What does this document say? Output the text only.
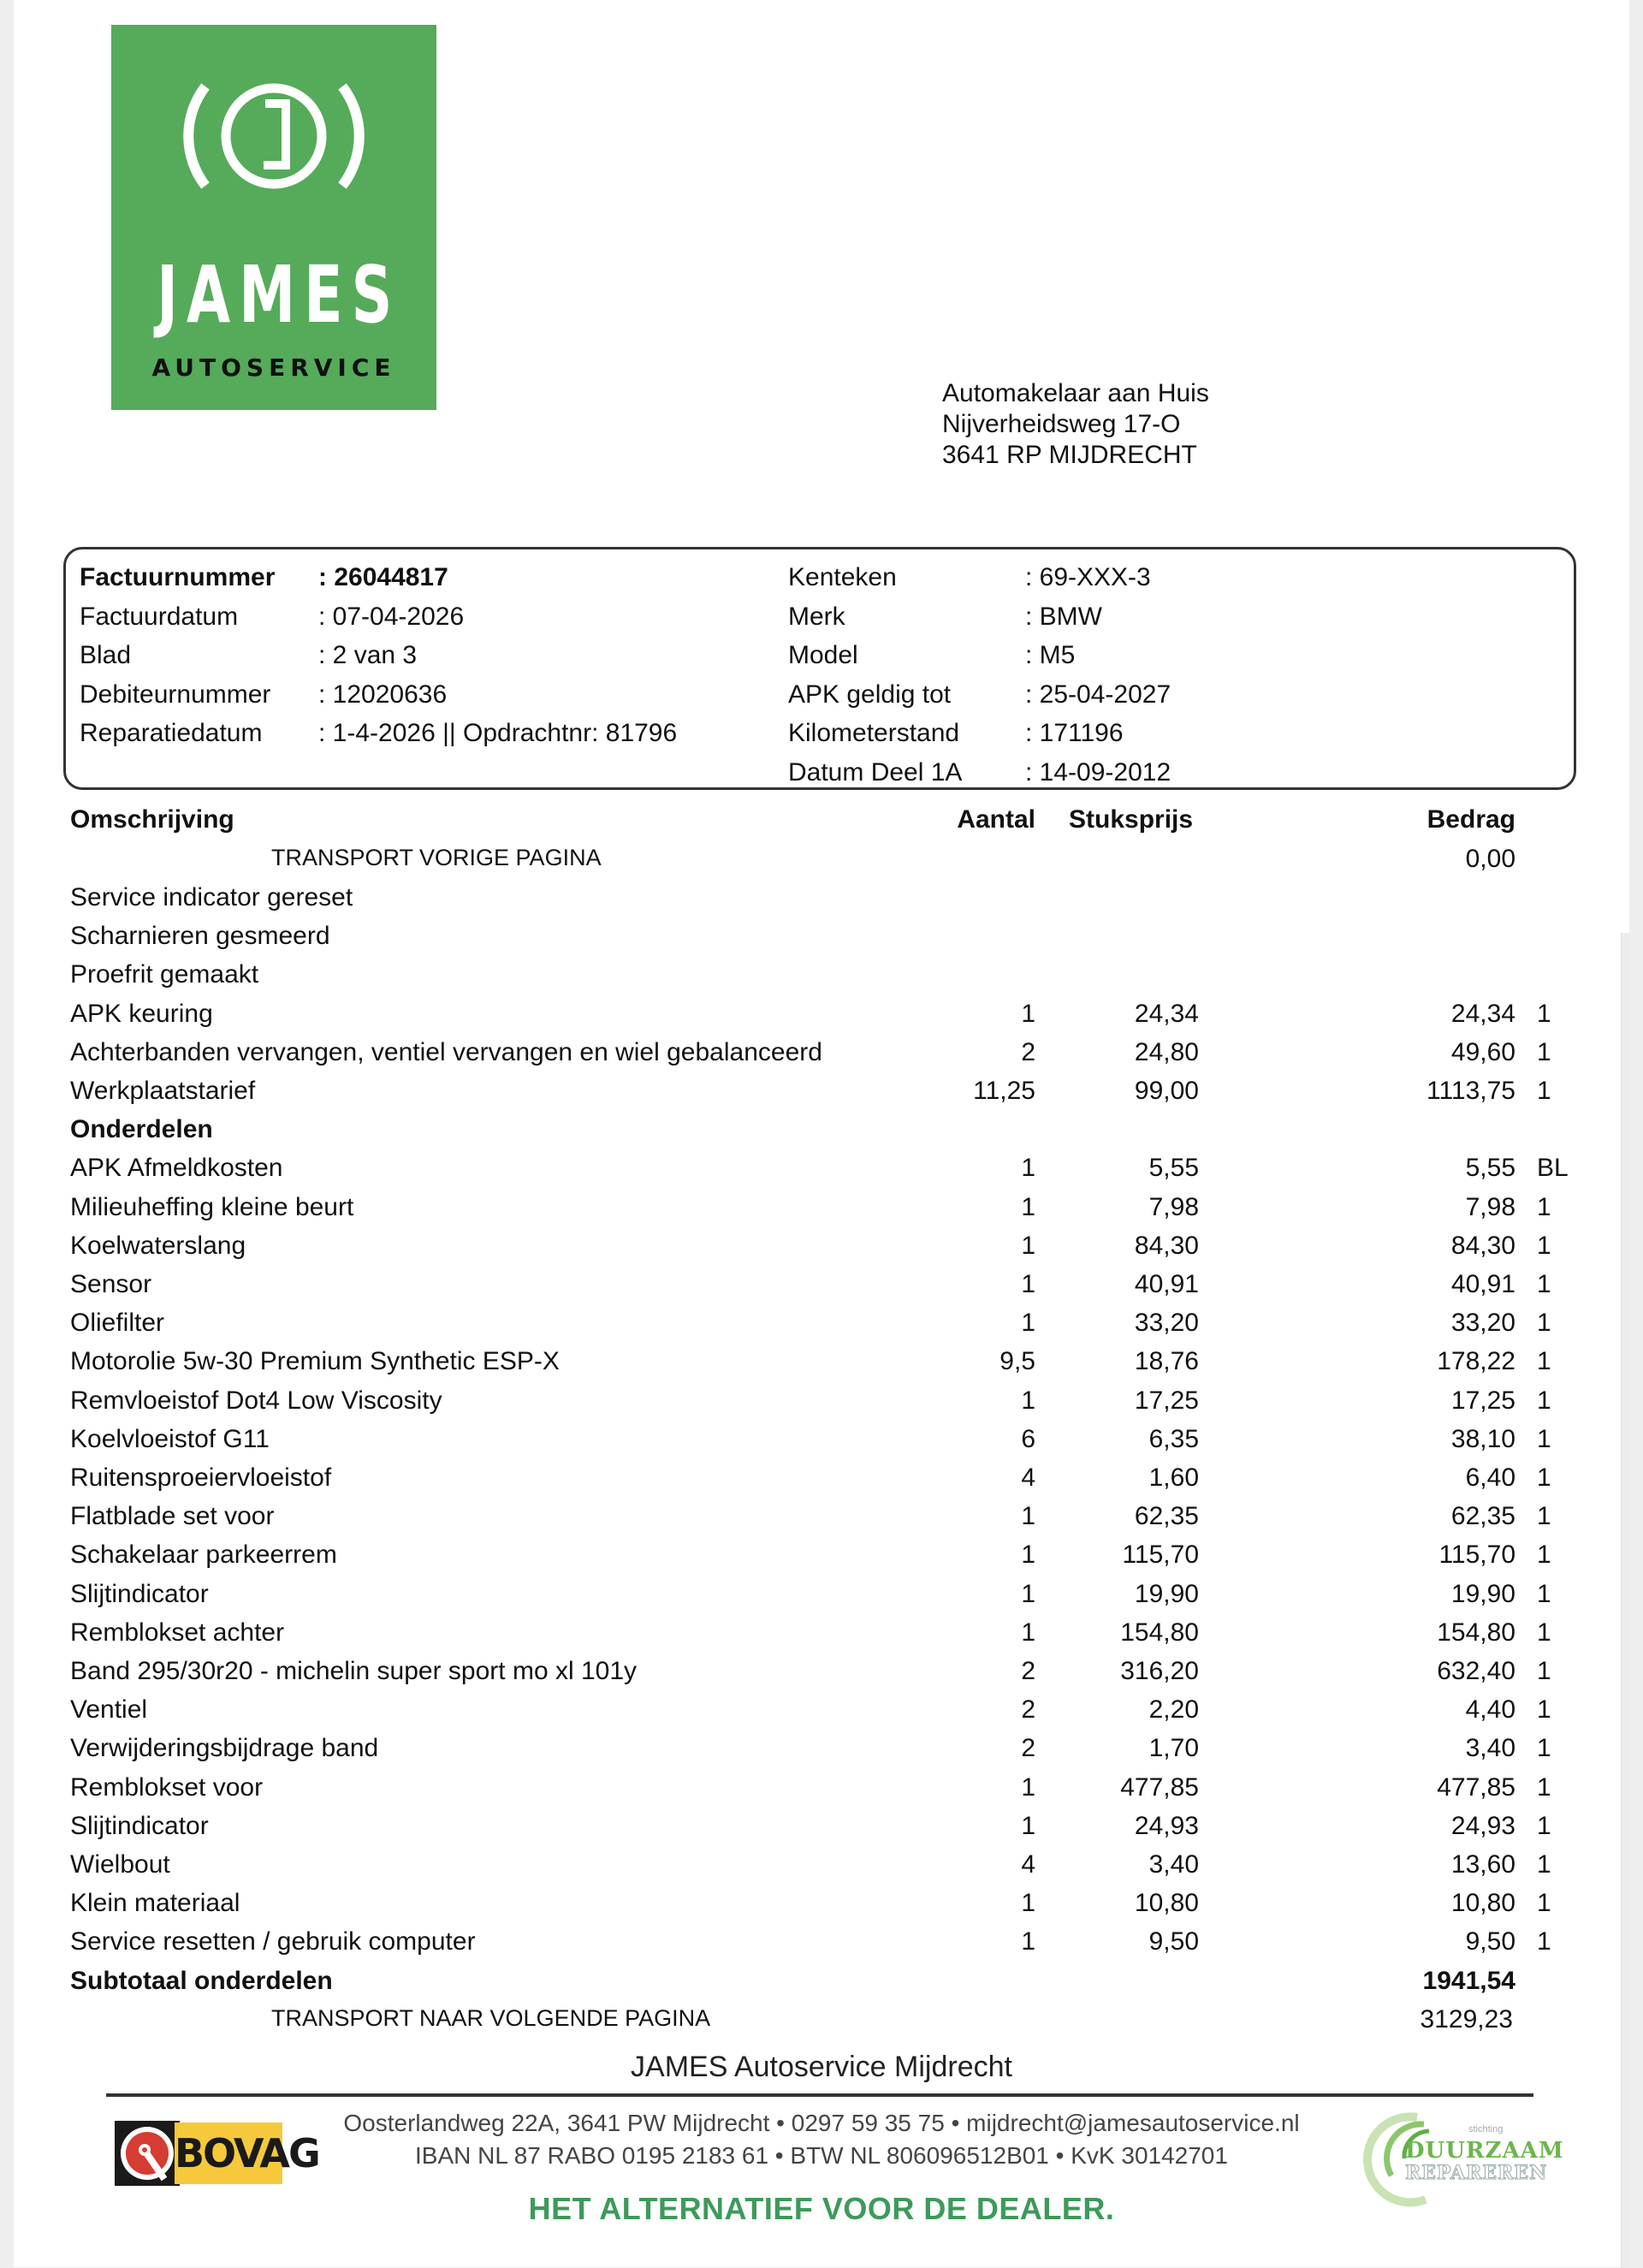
JAMES
AUTOSERVICE
Automakelaar aan Huis
Nijverheidsweg 17-O
3641 RP MIJDRECHT
Factuurnummer : 26044817
Factuurdatum	: 07-04-2026
Blad	: 2 van 3
Debiteurnummer : 12020636
Reparatiedatum : 1-4-2026 || Opdrachtnr: 81796
Kenteken	: 69-XXX-3
Merk	: BMW
Model	: M5
APK geldig tot	: 25-04-2027
Kilometerstand	: 171196
Datum Deel 1A : 14-09-2012
Omschrijving	Aantal Stuksprijs	Bedrag
TRANSPORT VORIGE PAGINA	0,00
Service indicator gereset
Scharnieren gesmeerd
Proefrit gemaakt
APK keuring	1	24,34	24,34 1
Achterbanden vervangen, ventiel vervangen en wiel gebalanceerd	2	24,80	49,60 1
Werkplaatstarief	11,25	99,00	1113,75 1
Onderdelen
APK Afmeldkosten	1	5,55	5,55 BL
Milieuheffing kleine beurt	1	7,98	7,98 1
Koelwaterslang	1	84,30	84,30 1
Sensor	1	40,91	40,91 1
Oliefilter	1	33,20	33,20 1
Motorolie 5w-30 Premium Synthetic ESP-X	9,5	18,76	178,22 1
Remvloeistof Dot4 Low Viscosity	1	17,25	17,25 1
Koelvloeistof G11	6	6,35	38,10 1
Ruitensproeiervloeistof	4	1,60	6,40 1
Flatblade set voor	1	62,35	62,35 1
Schakelaar parkeerrem	1	115,70	115,70 1
Slijtindicator	1	19,90	19,90 1
Remblokset achter	1	154,80	154,80 1
Band 295/30r20 - michelin super sport mo xl 101y	2	316,20	632,40 1
Ventiel	2	2,20	4,40 1
Verwijderingsbijdrage band	2	1,70	3,40 1
Remblokset voor	1	477,85	477,85 1
Slijtindicator	1	24,93	24,93 1
Wielbout	4	3,40	13,60 1
Klein materiaal	1	10,80	10,80 1
Service resetten / gebruik computer	1	9,50	9,50 1
Subtotaal onderdelen	1941,54
TRANSPORT NAAR VOLGENDE PAGINA	3129,23
JAMES Autoservice Mijdrecht
BOVAG
Oosterlandweg 22A, 3641 PW Mijdrecht • 0297 59 35 75 • mijdrecht@jamesautoservice.nl
IBAN NL 87 RABO 0195 2183 61 • BTW NL 806096512B01 • KvK 30142701
HET ALTERNATIEF VOOR DE DEALER.
stichting
DUURZAAM
REPAREREN
